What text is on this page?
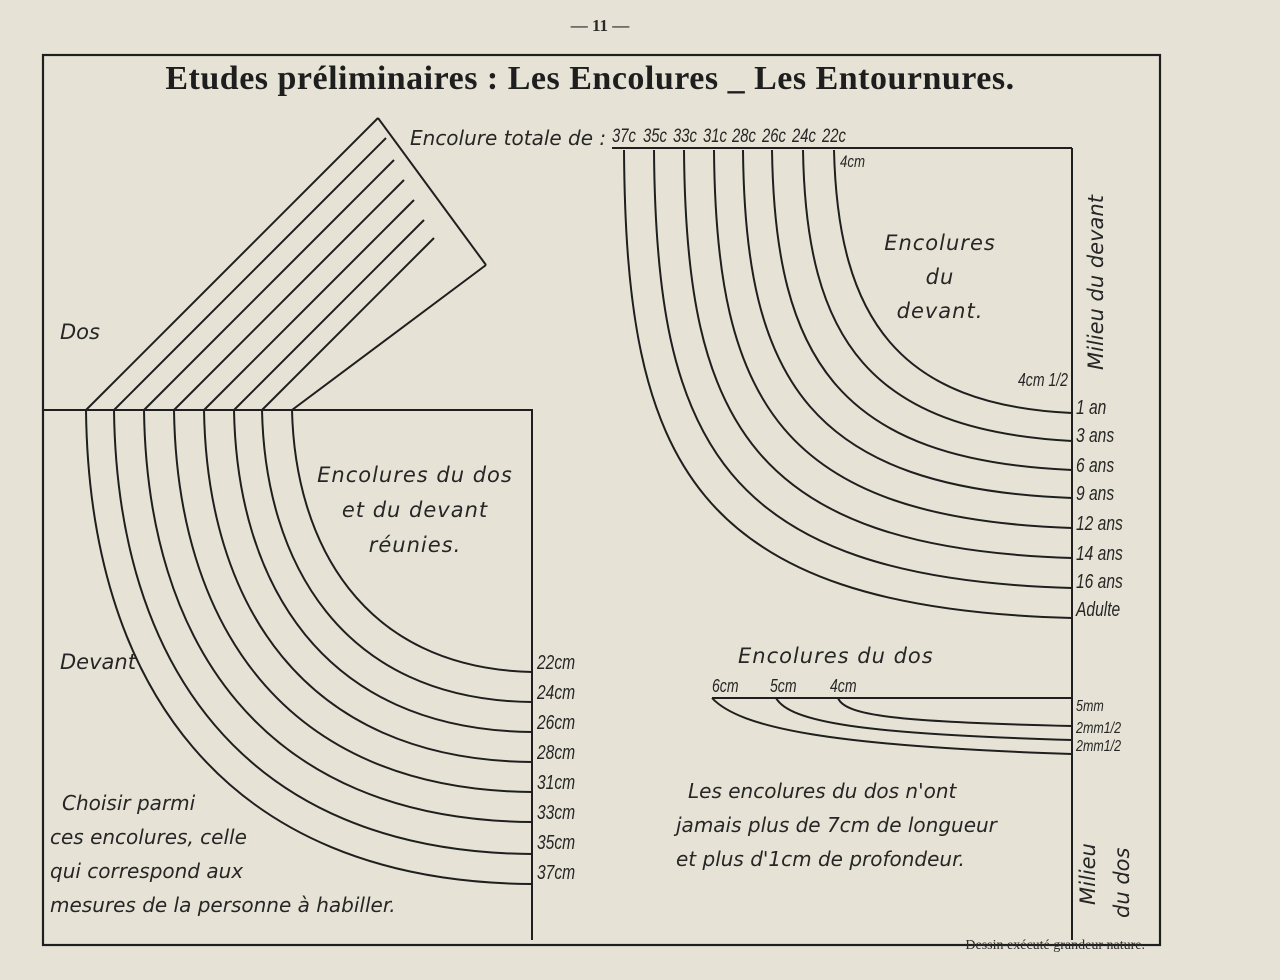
— 11 —
Etudes préliminaires : Les Encolures _ Les Entournures.
Dos
Devant
Encolures du dos
et du devant
réunies.
22cm
24cm
26cm
28cm
31cm
33cm
35cm
37cm
Choisir parmi
ces encolures, celle
qui correspond aux
mesures de la personne à habiller.
Encolure totale de : 37c 35c 33c 31c 28c 26c 24c 22c
4cm
Encolures
du
devant.
4cm 1/2
1 an
3 ans
6 ans
9 ans
12 ans
14 ans
16 ans
Adulte
Milieu du devant
Encolures du dos
6cm 5cm 4cm
5mm
2mm1/2
2mm1/2
Les encolures du dos n'ont
jamais plus de 7cm de longueur
et plus d'1cm de profondeur.	Milieu du dos
Dessin exécuté grandeur nature.
